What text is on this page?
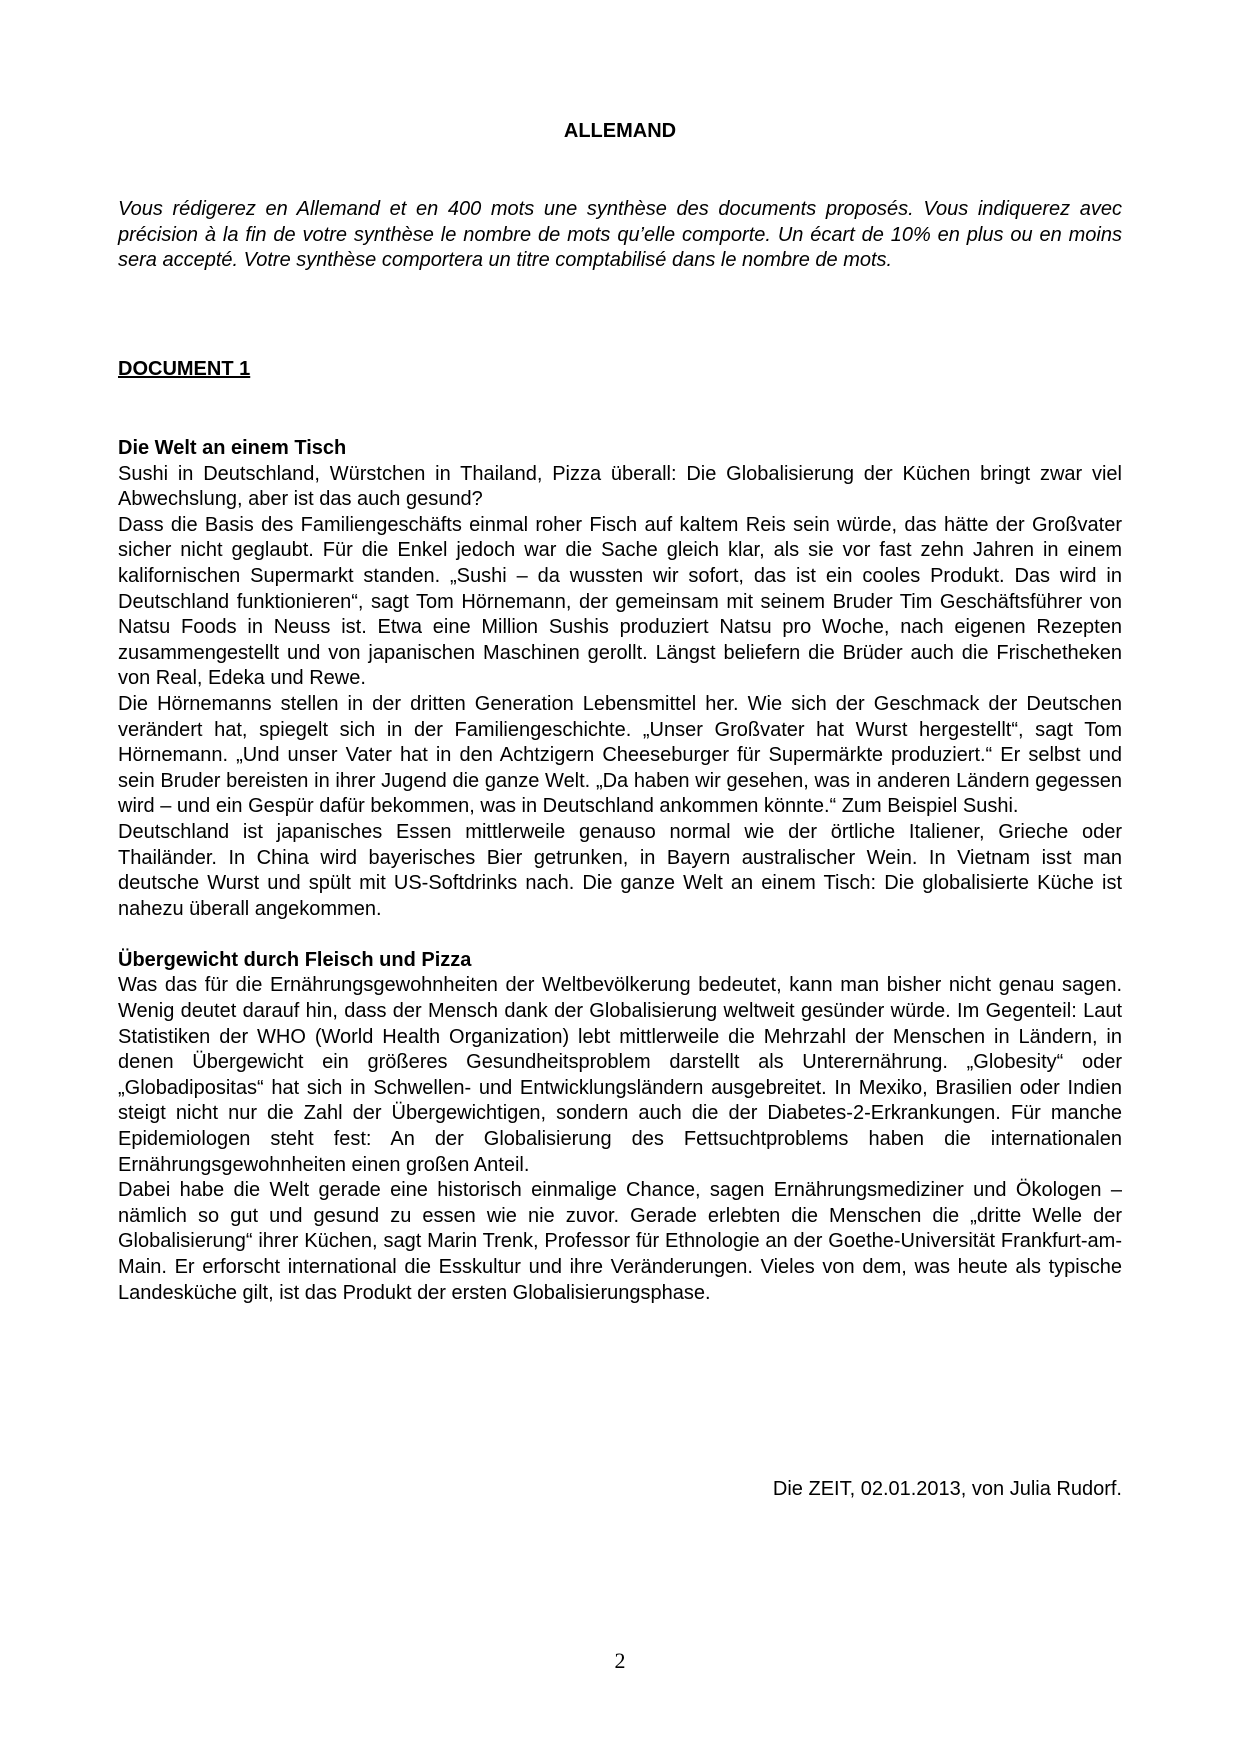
ALLEMAND

Vous rédigerez en Allemand et en 400 mots une synthèse des documents proposés. Vous indiquerez avec précision à la fin de votre synthèse le nombre de mots qu’elle comporte. Un écart de 10% en plus ou en moins sera accepté. Votre synthèse comportera un titre comptabilisé dans le nombre de mots.

DOCUMENT 1

Die Welt an einem Tisch

Sushi in Deutschland, Würstchen in Thailand, Pizza überall: Die Globalisierung der Küchen bringt zwar viel Abwechslung, aber ist das auch gesund?

Dass die Basis des Familiengeschäfts einmal roher Fisch auf kaltem Reis sein würde, das hätte der Großvater sicher nicht geglaubt. Für die Enkel jedoch war die Sache gleich klar, als sie vor fast zehn Jahren in einem kalifornischen Supermarkt standen. „Sushi – da wussten wir sofort, das ist ein cooles Produkt. Das wird in Deutschland funktionieren“, sagt Tom Hörnemann, der gemeinsam mit seinem Bruder Tim Geschäftsführer von Natsu Foods in Neuss ist. Etwa eine Million Sushis produziert Natsu pro Woche, nach eigenen Rezepten zusammengestellt und von japanischen Maschinen gerollt. Längst beliefern die Brüder auch die Frischetheken von Real, Edeka und Rewe.

Die Hörnemanns stellen in der dritten Generation Lebensmittel her. Wie sich der Geschmack der Deutschen verändert hat, spiegelt sich in der Familiengeschichte. „Unser Großvater hat Wurst hergestellt“, sagt Tom Hörnemann. „Und unser Vater hat in den Achtzigern Cheeseburger für Supermärkte produziert.“ Er selbst und sein Bruder bereisten in ihrer Jugend die ganze Welt. „Da haben wir gesehen, was in anderen Ländern gegessen wird – und ein Gespür dafür bekommen, was in Deutschland ankommen könnte.“ Zum Beispiel Sushi.

Deutschland ist japanisches Essen mittlerweile genauso normal wie der örtliche Italiener, Grieche oder Thailänder. In China wird bayerisches Bier getrunken, in Bayern australischer Wein. In Vietnam isst man deutsche Wurst und spült mit US-Softdrinks nach. Die ganze Welt an einem Tisch: Die globalisierte Küche ist nahezu überall angekommen.

Übergewicht durch Fleisch und Pizza

Was das für die Ernährungsgewohnheiten der Weltbevölkerung bedeutet, kann man bisher nicht genau sagen. Wenig deutet darauf hin, dass der Mensch dank der Globalisierung weltweit gesünder würde. Im Gegenteil: Laut Statistiken der WHO (World Health Organization) lebt mittlerweile die Mehrzahl der Menschen in Ländern, in denen Übergewicht ein größeres Gesundheitsproblem darstellt als Unterernährung. „Globesity“ oder „Globadipositas“ hat sich in Schwellen- und Entwicklungsländern ausgebreitet. In Mexiko, Brasilien oder Indien steigt nicht nur die Zahl der Übergewichtigen, sondern auch die der Diabetes-2-Erkrankungen. Für manche Epidemiologen steht fest: An der Globalisierung des Fettsuchtproblems haben die internationalen Ernährungsgewohnheiten einen großen Anteil.

Dabei habe die Welt gerade eine historisch einmalige Chance, sagen Ernährungsmediziner und Ökologen – nämlich so gut und gesund zu essen wie nie zuvor. Gerade erlebten die Menschen die „dritte Welle der Globalisierung“ ihrer Küchen, sagt Marin Trenk, Professor für Ethnologie an der Goethe-Universität Frankfurt-am-Main. Er erforscht international die Esskultur und ihre Veränderungen. Vieles von dem, was heute als typische Landesküche gilt, ist das Produkt der ersten Globalisierungsphase.

Die ZEIT, 02.01.2013, von Julia Rudorf.
2
